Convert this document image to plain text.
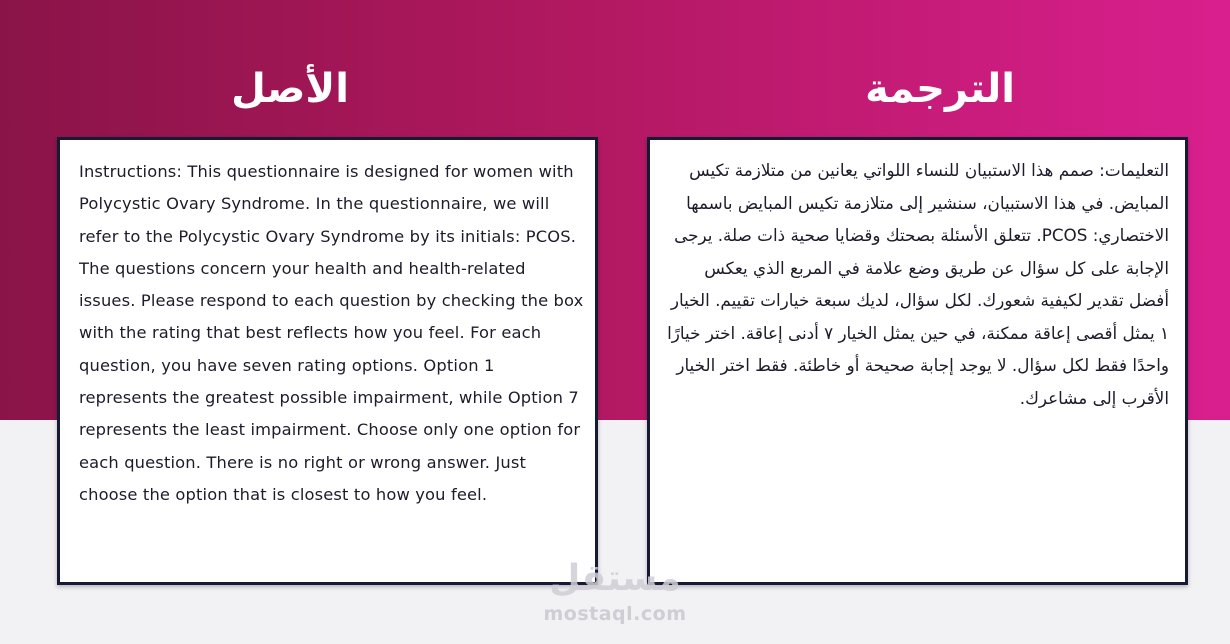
الأصل	الترجمة

Instructions: This questionnaire is designed for women with Polycystic Ovary Syndrome. In the questionnaire, we will refer to the Polycystic Ovary Syndrome by its initials: PCOS. The questions concern your health and health-related issues. Please respond to each question by checking the box with the rating that best reflects how you feel. For each question, you have seven rating options. Option 1 represents the greatest possible impairment, while Option 7 represents the least impairment. Choose only one option for each question. There is no right or wrong answer. Just choose the option that is closest to how you feel.

التعليمات: صمم هذا الاستبيان للنساء اللواتي يعانين من متلازمة تكيس المبايض. في هذا الاستبيان، سنشير إلى متلازمة تكيس المبايض باسمها الاختصاري: PCOS. تتعلق الأسئلة بصحتك وقضايا صحية ذات صلة. يرجى الإجابة على كل سؤال عن طريق وضع علامة في المربع الذي يعكس أفضل تقدير لكيفية شعورك. لكل سؤال، لديك سبعة خيارات تقييم. الخيار ١ يمثل أقصى إعاقة ممكنة، في حين يمثل الخيار ٧ أدنى إعاقة. اختر خيارًا واحدًا فقط لكل سؤال. لا يوجد إجابة صحيحة أو خاطئة. فقط اختر الخيار الأقرب إلى مشاعرك.

مستقل
mostaql.com
